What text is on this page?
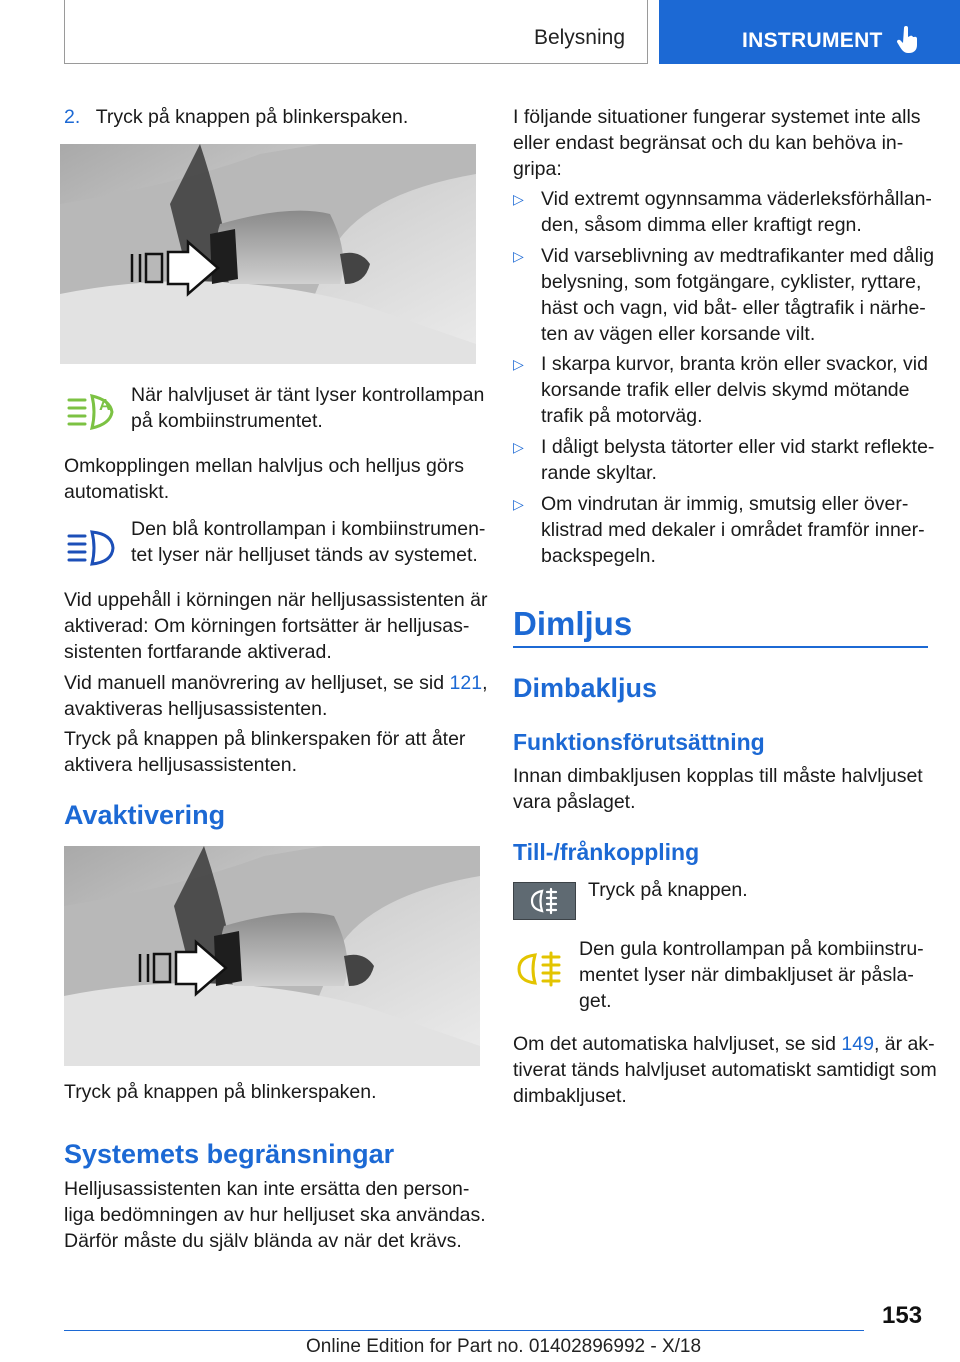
Belysning	INSTRUMENT
2. Tryck på knappen på blinkerspaken.
A När halvljuset är tänt lyser kontrollampan
på kombiinstrumentet.
Omkopplingen mellan halvljus och helljus görs
automatiskt.
Den blå kontrollampan i kombiinstrumen-
tet lyser när helljuset tänds av systemet.
Vid uppehåll i körningen när helljusassistenten är
aktiverad: Om körningen fortsätter är helljusas-
sistenten fortfarande aktiverad.
Vid manuell manövrering av helljuset, se sid 121,
avaktiveras helljusassistenten.
Tryck på knappen på blinkerspaken för att åter
aktivera helljusassistenten.
Avaktivering
Tryck på knappen på blinkerspaken.
Systemets begränsningar
Helljusassistenten kan inte ersätta den person-
liga bedömningen av hur helljuset ska användas.
Därför måste du själv blända av när det krävs.
I följande situationer fungerar systemet inte alls
eller endast begränsat och du kan behöva in-
gripa:
▷ Vid extremt ogynnsamma väderleksförhållan-
den, såsom dimma eller kraftigt regn.
▷ Vid varseblivning av medtrafikanter med dålig
belysning, som fotgängare, cyklister, ryttare,
häst och vagn, vid båt- eller tågtrafik i närhe-
ten av vägen eller korsande vilt.
▷ I skarpa kurvor, branta krön eller svackor, vid
korsande trafik eller delvis skymd mötande
trafik på motorväg.
▷ I dåligt belysta tätorter eller vid starkt reflekte-
rande skyltar.
▷ Om vindrutan är immig, smutsig eller över-
klistrad med dekaler i området framför inner-
backspegeln.
Dimljus
Dimbakljus
Funktionsförutsättning
Innan dimbakljusen kopplas till måste halvljuset
vara påslaget.
Till-/frånkoppling
Tryck på knappen.
Den gula kontrollampan på kombiinstru-
mentet lyser när dimbakljuset är påsla-
get.
Om det automatiska halvljuset, se sid 149, är ak-
tiverat tänds halvljuset automatiskt samtidigt som
dimbakljuset.
153
Online Edition for Part no. 01402896992 - X/18
